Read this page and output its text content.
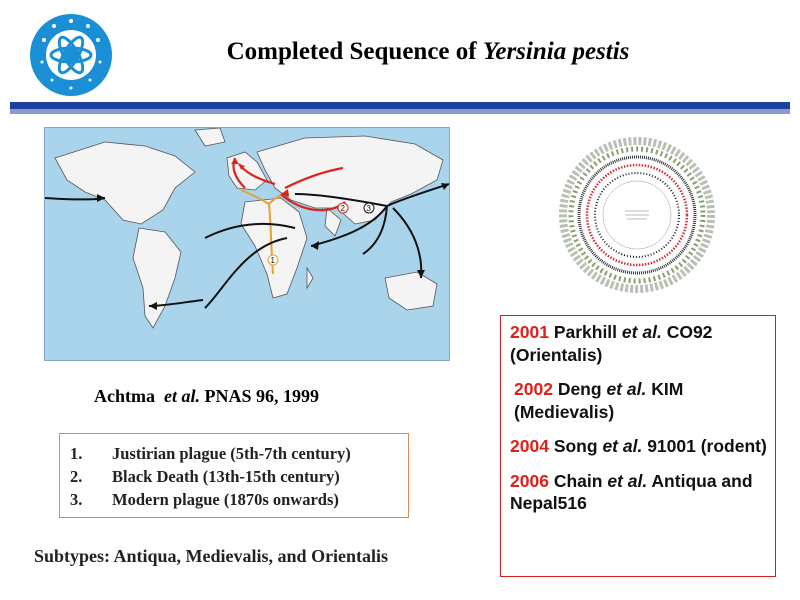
Completed Sequence of Yersinia pestis
1
2	3
Achtma et al. PNAS 96, 1999
1.	Justirian plague (5th-7th century)
2.	Black Death (13th-15th century)
3.	Modern plague (1870s onwards)
Subtypes: Antiqua, Medievalis, and Orientalis
2001 Parkhill et al. CO92 (Orientalis)
2002 Deng et al. KIM (Medievalis)
2004 Song et al. 91001 (rodent)
2006 Chain et al. Antiqua and Nepal516
